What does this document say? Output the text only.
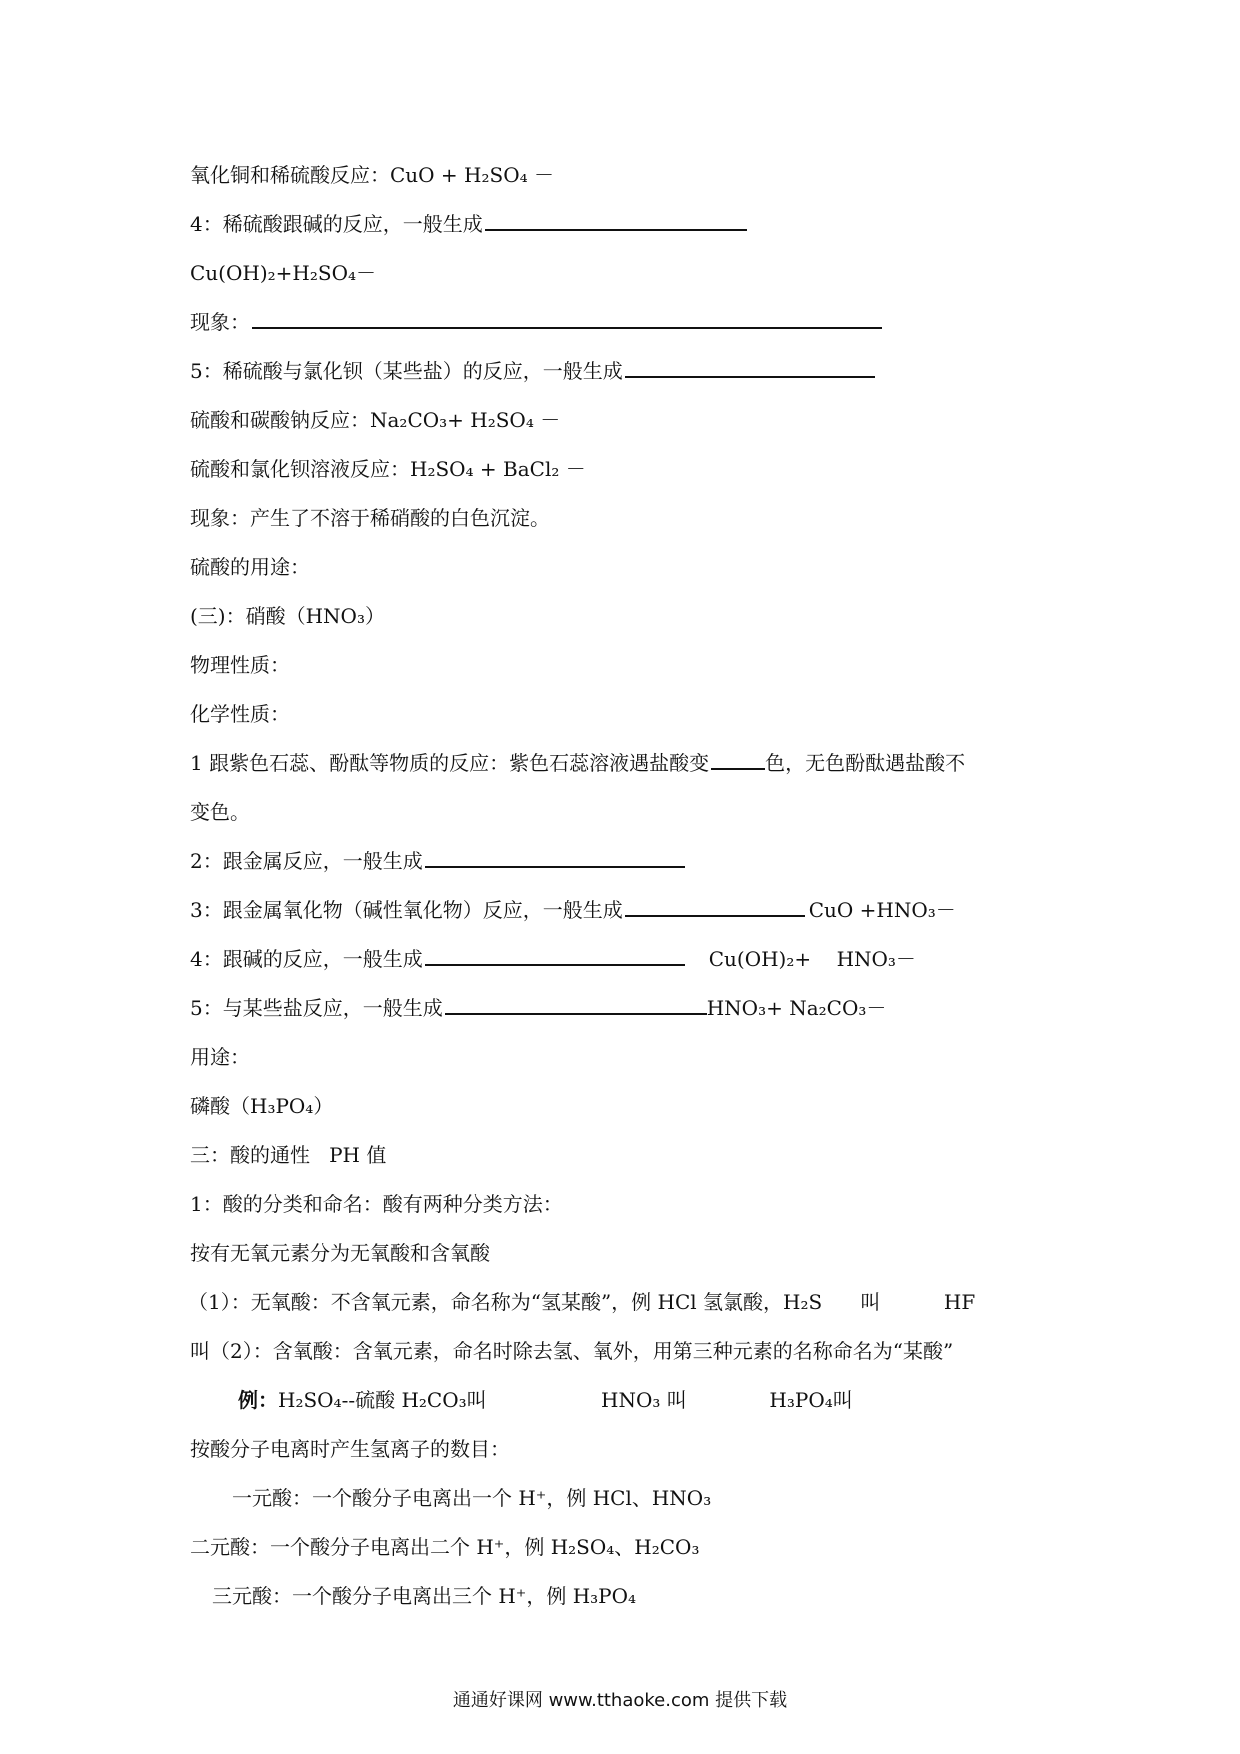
氧化铜和稀硫酸反应：CuO + H₂SO₄ －
4：稀硫酸跟碱的反应，一般生成
Cu(OH)₂+H₂SO₄－
现象：
5：稀硫酸与氯化钡（某些盐）的反应，一般生成
硫酸和碳酸钠反应：Na₂CO₃+ H₂SO₄ －
硫酸和氯化钡溶液反应：H₂SO₄ + BaCl₂ －
现象：产生了不溶于稀硝酸的白色沉淀。
硫酸的用途：
(三)：硝酸（HNO₃）
物理性质：
化学性质：
1 跟紫色石蕊、酚酞等物质的反应：紫色石蕊溶液遇盐酸变	色，无色酚酞遇盐酸不
变色。
2：跟金属反应，一般生成
3：跟金属氧化物（碱性氧化物）反应，一般生成	CuO +HNO₃－
4：跟碱的反应，一般生成	Cu(OH)₂+    HNO₃－
5：与某些盐反应，一般生成	HNO₃+ Na₂CO₃－
用途：
磷酸（H₃PO₄）
三：酸的通性   PH 值
1：酸的分类和命名：酸有两种分类方法：
按有无氧元素分为无氧酸和含氧酸
（1）：无氧酸：不含氧元素，命名称为“氢某酸”，例 HCl 氢氯酸，H₂S      叫          HF
叫（2）：含氧酸：含氧元素，命名时除去氢、氧外，用第三种元素的名称命名为“某酸”
例：H₂SO₄--硫酸 H₂CO₃叫                  HNO₃ 叫             H₃PO₄叫
按酸分子电离时产生氢离子的数目：
一元酸：一个酸分子电离出一个 H⁺，例 HCl、HNO₃
二元酸：一个酸分子电离出二个 H⁺，例 H₂SO₄、H₂CO₃
三元酸：一个酸分子电离出三个 H⁺，例 H₃PO₄
通通好课网 www.tthaoke.com 提供下载
